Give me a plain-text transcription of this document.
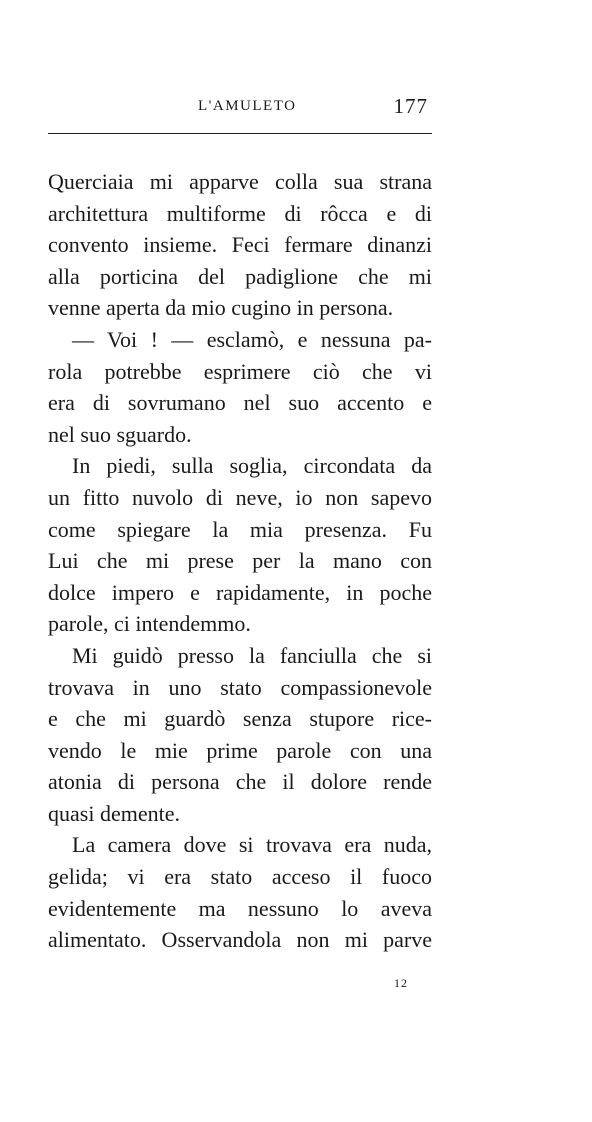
L'AMULETO	177

Querciaia mi apparve colla sua strana
architettura multiforme di rôcca e di
convento insieme. Feci fermare dinanzi
alla porticina del padiglione che mi
venne aperta da mio cugino in persona.

— Voi ! — esclamò, e nessuna pa-
rola potrebbe esprimere ciò che vi
era di sovrumano nel suo accento e
nel suo sguardo.

In piedi, sulla soglia, circondata da
un fitto nuvolo di neve, io non sapevo
come spiegare la mia presenza. Fu
Lui che mi prese per la mano con
dolce impero e rapidamente, in poche
parole, ci intendemmo.

Mi guidò presso la fanciulla che si
trovava in uno stato compassionevole
e che mi guardò senza stupore rice-
vendo le mie prime parole con una
atonia di persona che il dolore rende
quasi demente.

La camera dove si trovava era nuda,
gelida; vi era stato acceso il fuoco
evidentemente ma nessuno lo aveva
alimentato. Osservandola non mi parve

12
